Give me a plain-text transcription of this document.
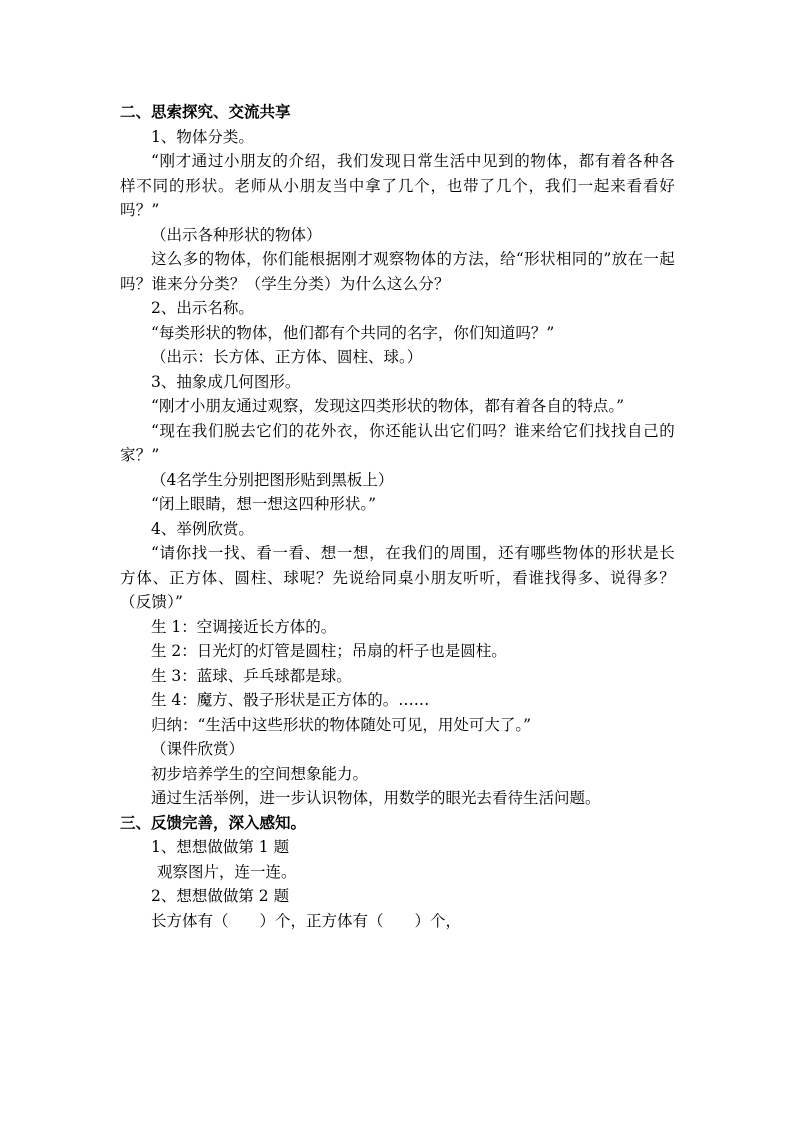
二、思索探究、交流共享
1、物体分类。
“刚才通过小朋友的介绍，我们发现日常生活中见到的物体，都有着各种各样不同的形状。老师从小朋友当中拿了几个，也带了几个，我们一起来看看好吗？”
（出示各种形状的物体）
这么多的物体，你们能根据刚才观察物体的方法，给“形状相同的”放在一起吗？谁来分分类？（学生分类）为什么这么分？
2、出示名称。
“每类形状的物体，他们都有个共同的名字，你们知道吗？”
（出示：长方体、正方体、圆柱、球。）
3、抽象成几何图形。
“刚才小朋友通过观察，发现这四类形状的物体，都有着各自的特点。”
“现在我们脱去它们的花外衣，你还能认出它们吗？谁来给它们找找自己的家？”
（4名学生分别把图形贴到黑板上）
“闭上眼睛，想一想这四种形状。”
4、举例欣赏。
“请你找一找、看一看、想一想，在我们的周围，还有哪些物体的形状是长方体、正方体、圆柱、球呢？先说给同桌小朋友听听，看谁找得多、说得多？（反馈）”
生 1：空调接近长方体的。
生 2：日光灯的灯管是圆柱；吊扇的杆子也是圆柱。
生 3：蓝球、乒乓球都是球。
生 4：魔方、骰子形状是正方体的。……
归纳：“生活中这些形状的物体随处可见，用处可大了。”
（课件欣赏）
初步培养学生的空间想象能力。
通过生活举例，进一步认识物体，用数学的眼光去看待生活问题。
三、反馈完善，深入感知。
1、想想做做第 1 题
观察图片，连一连。
2、想想做做第 2 题
长方体有（　　）个，正方体有（　　）个，
